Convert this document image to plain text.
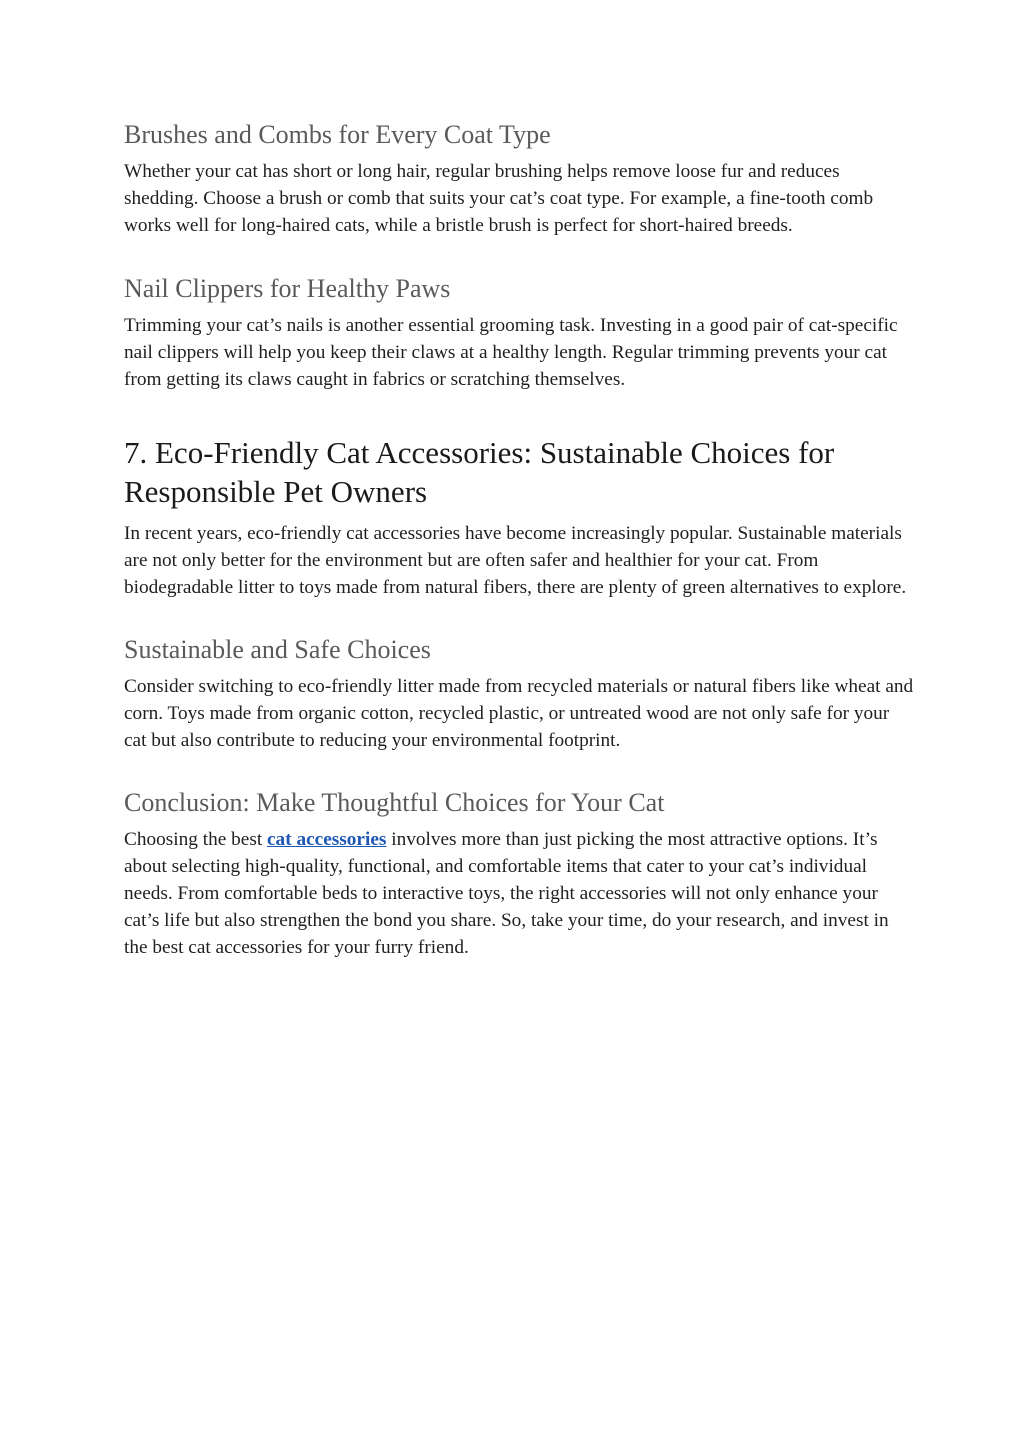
Brushes and Combs for Every Coat Type

Whether your cat has short or long hair, regular brushing helps remove loose fur and reduces shedding. Choose a brush or comb that suits your cat’s coat type. For example, a fine-tooth comb works well for long-haired cats, while a bristle brush is perfect for short-haired breeds.

Nail Clippers for Healthy Paws

Trimming your cat’s nails is another essential grooming task. Investing in a good pair of cat-specific nail clippers will help you keep their claws at a healthy length. Regular trimming prevents your cat from getting its claws caught in fabrics or scratching themselves.

7. Eco-Friendly Cat Accessories: Sustainable Choices for Responsible Pet Owners

In recent years, eco-friendly cat accessories have become increasingly popular. Sustainable materials are not only better for the environment but are often safer and healthier for your cat. From biodegradable litter to toys made from natural fibers, there are plenty of green alternatives to explore.

Sustainable and Safe Choices

Consider switching to eco-friendly litter made from recycled materials or natural fibers like wheat and corn. Toys made from organic cotton, recycled plastic, or untreated wood are not only safe for your cat but also contribute to reducing your environmental footprint.

Conclusion: Make Thoughtful Choices for Your Cat

Choosing the best cat accessories involves more than just picking the most attractive options. It’s about selecting high-quality, functional, and comfortable items that cater to your cat’s individual needs. From comfortable beds to interactive toys, the right accessories will not only enhance your cat’s life but also strengthen the bond you share. So, take your time, do your research, and invest in the best cat accessories for your furry friend.
